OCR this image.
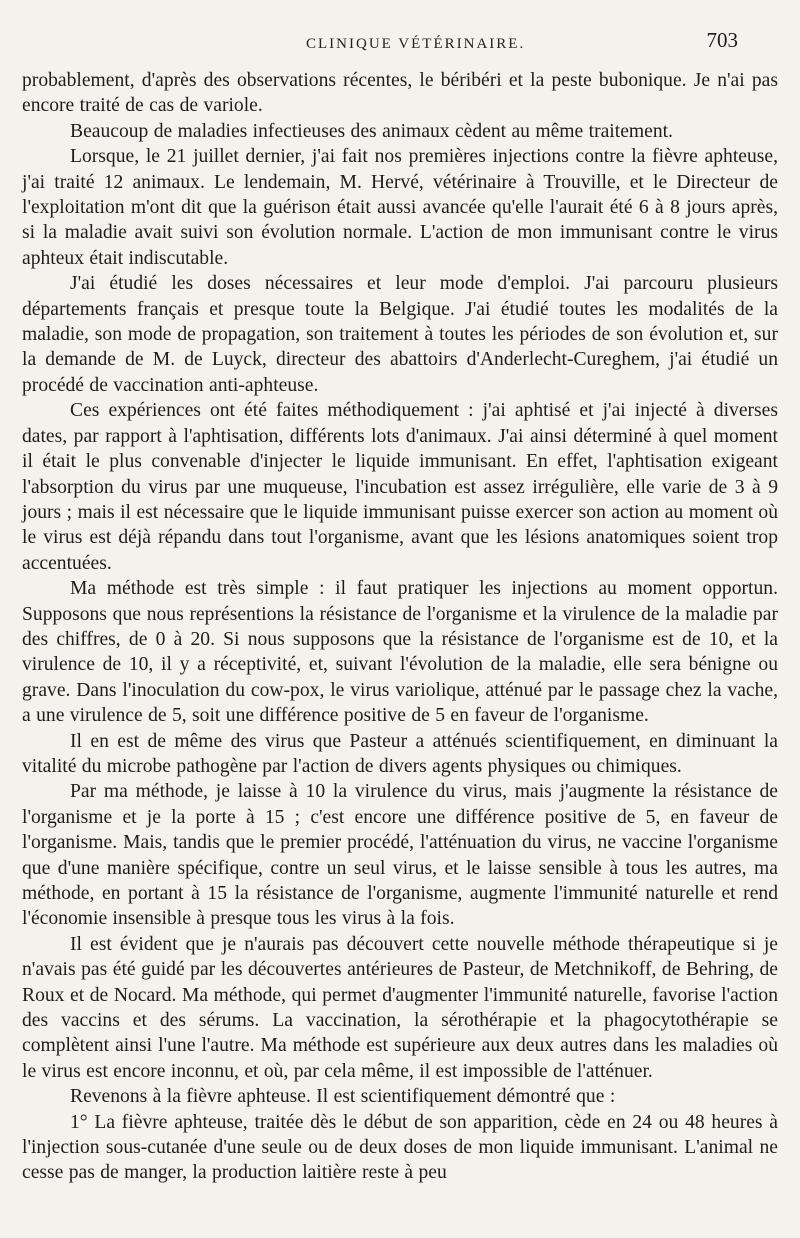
CLINIQUE VÉTÉRINAIRE.	703

probablement, d'après des observations récentes, le béribéri et la peste bubonique. Je n'ai pas encore traité de cas de variole.

Beaucoup de maladies infectieuses des animaux cèdent au même traitement.

Lorsque, le 21 juillet dernier, j'ai fait nos premières injections contre la fièvre aphteuse, j'ai traité 12 animaux. Le lendemain, M. Hervé, vétérinaire à Trouville, et le Directeur de l'exploitation m'ont dit que la guérison était aussi avancée qu'elle l'aurait été 6 à 8 jours après, si la maladie avait suivi son évolution normale. L'action de mon immunisant contre le virus aphteux était indiscutable.

J'ai étudié les doses nécessaires et leur mode d'emploi. J'ai parcouru plusieurs départements français et presque toute la Belgique. J'ai étudié toutes les modalités de la maladie, son mode de propagation, son traitement à toutes les périodes de son évolution et, sur la demande de M. de Luyck, directeur des abattoirs d'Anderlecht-Cureghem, j'ai étudié un procédé de vaccination anti-aphteuse.

Ces expériences ont été faites méthodiquement : j'ai aphtisé et j'ai injecté à diverses dates, par rapport à l'aphtisation, différents lots d'animaux. J'ai ainsi déterminé à quel moment il était le plus convenable d'injecter le liquide immunisant. En effet, l'aphtisation exigeant l'absorption du virus par une muqueuse, l'incubation est assez irrégulière, elle varie de 3 à 9 jours ; mais il est nécessaire que le liquide immunisant puisse exercer son action au moment où le virus est déjà répandu dans tout l'organisme, avant que les lésions anatomiques soient trop accentuées.

Ma méthode est très simple : il faut pratiquer les injections au moment opportun. Supposons que nous représentions la résistance de l'organisme et la virulence de la maladie par des chiffres, de 0 à 20. Si nous supposons que la résistance de l'organisme est de 10, et la virulence de 10, il y a réceptivité, et, suivant l'évolution de la maladie, elle sera bénigne ou grave. Dans l'inoculation du cow-pox, le virus variolique, atténué par le passage chez la vache, a une virulence de 5, soit une différence positive de 5 en faveur de l'organisme.

Il en est de même des virus que Pasteur a atténués scientifiquement, en diminuant la vitalité du microbe pathogène par l'action de divers agents physiques ou chimiques.

Par ma méthode, je laisse à 10 la virulence du virus, mais j'augmente la résistance de l'organisme et je la porte à 15 ; c'est encore une différence positive de 5, en faveur de l'organisme. Mais, tandis que le premier procédé, l'atténuation du virus, ne vaccine l'organisme que d'une manière spécifique, contre un seul virus, et le laisse sensible à tous les autres, ma méthode, en portant à 15 la résistance de l'organisme, augmente l'immunité naturelle et rend l'économie insensible à presque tous les virus à la fois.

Il est évident que je n'aurais pas découvert cette nouvelle méthode thérapeutique si je n'avais pas été guidé par les découvertes antérieures de Pasteur, de Metchnikoff, de Behring, de Roux et de Nocard. Ma méthode, qui permet d'augmenter l'immunité naturelle, favorise l'action des vaccins et des sérums. La vaccination, la sérothérapie et la phagocytothérapie se complètent ainsi l'une l'autre. Ma méthode est supérieure aux deux autres dans les maladies où le virus est encore inconnu, et où, par cela même, il est impossible de l'atténuer.

Revenons à la fièvre aphteuse. Il est scientifiquement démontré que :

1° La fièvre aphteuse, traitée dès le début de son apparition, cède en 24 ou 48 heures à l'injection sous-cutanée d'une seule ou de deux doses de mon liquide immunisant. L'animal ne cesse pas de manger, la production laitière reste à peu
